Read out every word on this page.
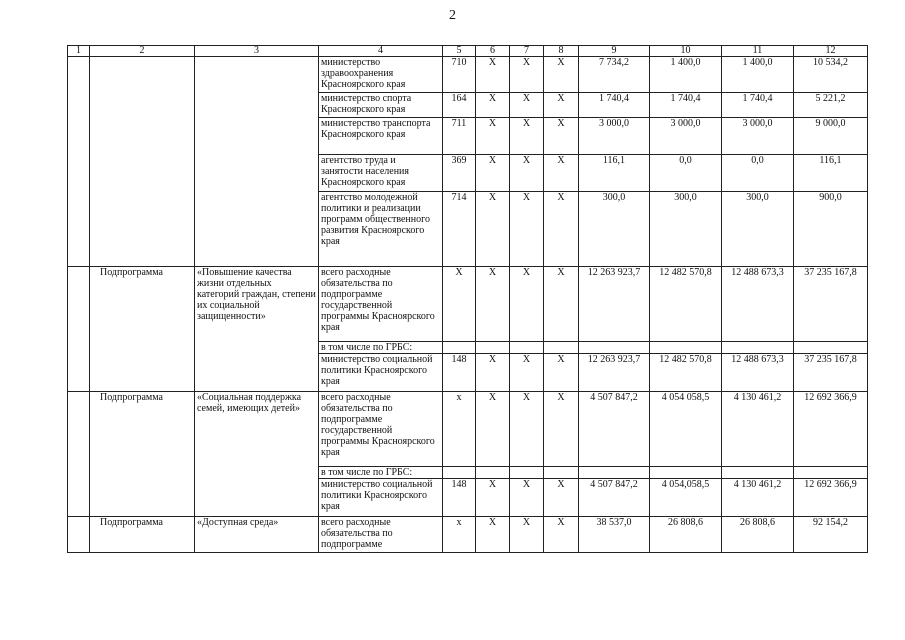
2
1	2	3	4	5	6	7	8	9	10	11	12
			министерство здравоохранения Красноярского края	710	Х	Х	Х	7 734,2	1 400,0	1 400,0	10 534,2
			министерство спорта Красноярского края	164	Х	Х	Х	1 740,4	1 740,4	1 740,4	5 221,2
			министерство транспорта Красноярского края	711	Х	Х	Х	3 000,0	3 000,0	3 000,0	9 000,0
			агентство труда и занятости населения Красноярского края	369	Х	Х	Х	116,1	0,0	0,0	116,1
			агентство молодежной политики и реализации программ общественного развития Красноярского края	714	Х	Х	Х	300,0	300,0	300,0	900,0
	Подпрограмма	«Повышение качества жизни отдельных категорий граждан, степени их социальной защищенности»	всего расходные обязательства по подпрограмме государственной программы Красноярского края	Х	Х	Х	Х	12 263 923,7	12 482 570,8	12 488 673,3	37 235 167,8
			в том числе по ГРБС:								
			министерство социальной политики Красноярского края	148	Х	Х	Х	12 263 923,7	12 482 570,8	12 488 673,3	37 235 167,8
	Подпрограмма	«Социальная поддержка семей, имеющих детей»	всего расходные обязательства по подпрограмме государственной программы Красноярского края	х	Х	Х	Х	4 507 847,2	4 054 058,5	4 130 461,2	12 692 366,9
			в том числе по ГРБС:								
			министерство социальной политики Красноярского края	148	Х	Х	Х	4 507 847,2	4 054,058,5	4 130 461,2	12 692 366,9
	Подпрограмма	«Доступная среда»	всего расходные обязательства по подпрограмме	х	Х	Х	Х	38 537,0	26 808,6	26 808,6	92 154,2
